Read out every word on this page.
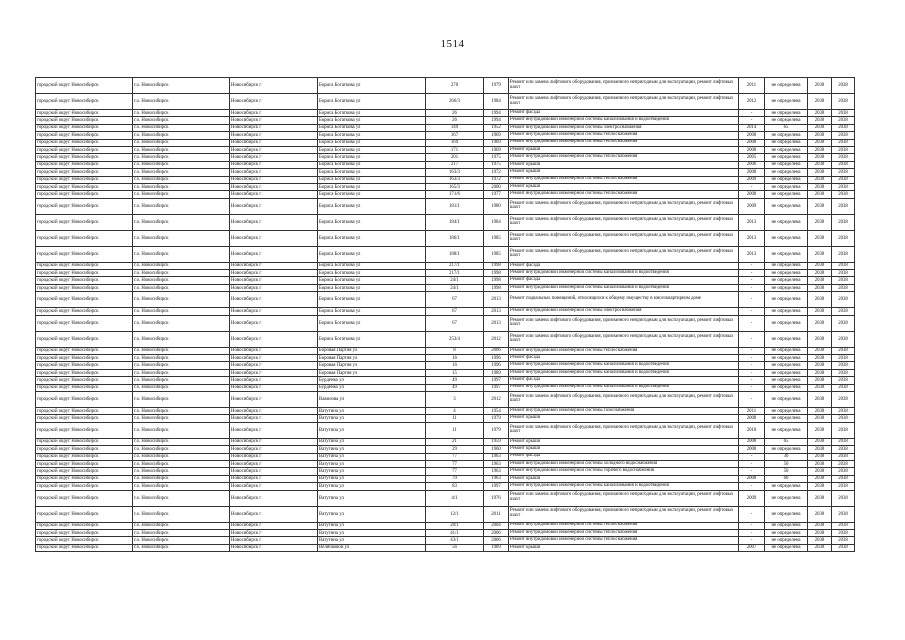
1514
городской округ Новосибирск	г.о. Новосибирск	Новосибирск г	Бориса Богаткова ул	270	1979	Ремонт или замена лифтового оборудования, признанного непригодным для эксплуатации, ремонт лифтовых шахт	2011	не определена	2038	2038
городской округ Новосибирск	г.о. Новосибирск	Новосибирск г	Бориса Богаткова ул	266/3	1984	Ремонт или замена лифтового оборудования, признанного непригодным для эксплуатации, ремонт лифтовых шахт	2012	не определена	2038	2038
городской округ Новосибирск	г.о. Новосибирск	Новосибирск г	Бориса Богаткова ул	26	1994	Ремонт фасада	-	не определена	2038	2038
городской округ Новосибирск	г.о. Новосибирск	Новосибирск г	Бориса Богаткова ул	26	1994	Ремонт внутридомовой инженерной системы канализования и водоотведения	-	не определена	2038	2038
городской округ Новосибирск	г.о. Новосибирск	Новосибирск г	Бориса Богаткова ул	149	1952	Ремонт внутридомовой инженерной системы электроснабжения	2014	65	2038	2038
городской округ Новосибирск	г.о. Новосибирск	Новосибирск г	Бориса Богаткова ул	167	1969	Ремонт внутридомовой инженерной системы теплоснабжения	2008	не определена	2038	2038
городской округ Новосибирск	г.о. Новосибирск	Новосибирск г	Бориса Богаткова ул	169	1969	Ремонт внутридомовой инженерной системы теплоснабжения	2008	не определена	2038	2038
городской округ Новосибирск	г.о. Новосибирск	Новосибирск г	Бориса Богаткова ул	171	1969	Ремонт крыши	2008	не определена	2038	2038
городской округ Новосибирск	г.о. Новосибирск	Новосибирск г	Бориса Богаткова ул	201	1975	Ремонт внутридомовой инженерной системы теплоснабжения	2005	не определена	2038	2038
городской округ Новосибирск	г.о. Новосибирск	Новосибирск г	Бориса Богаткова ул	217	1975	Ремонт крыши	2006	не определена	2038	2038
городской округ Новосибирск	г.о. Новосибирск	Новосибирск г	Бориса Богаткова ул	163/3	1972	Ремонт крыши	2008	не определена	2038	2038
городской округ Новосибирск	г.о. Новосибирск	Новосибирск г	Бориса Богаткова ул	163/3	1972	Ремонт внутридомовой инженерной системы теплоснабжения	2009	не определена	2038	2038
городской округ Новосибирск	г.о. Новосибирск	Новосибирск г	Бориса Богаткова ул	165/3	2000	Ремонт крыши	-	не определена	2038	2038
городской округ Новосибирск	г.о. Новосибирск	Новосибирск г	Бориса Богаткова ул	171/6	1977	Ремонт внутридомовой инженерной системы теплоснабжения	2008	не определена	2038	2038
городской округ Новосибирск	г.о. Новосибирск	Новосибирск г	Бориса Богаткова ул	181/1	1980	Ремонт или замена лифтового оборудования, признанного непригодным для эксплуатации, ремонт лифтовых шахт	2009	не определена	2038	2038
городской округ Новосибирск	г.о. Новосибирск	Новосибирск г	Бориса Богаткова ул	184/1	1984	Ремонт или замена лифтового оборудования, признанного непригодным для эксплуатации, ремонт лифтовых шахт	2013	не определена	2038	2038
городской округ Новосибирск	г.о. Новосибирск	Новосибирск г	Бориса Богаткова ул	186/1	1985	Ремонт или замена лифтового оборудования, признанного непригодным для эксплуатации, ремонт лифтовых шахт	2013	не определена	2038	2038
городской округ Новосибирск	г.о. Новосибирск	Новосибирск г	Бориса Богаткова ул	188/1	1985	Ремонт или замена лифтового оборудования, признанного непригодным для эксплуатации, ремонт лифтовых шахт	2013	не определена	2038	2038
городской округ Новосибирск	г.о. Новосибирск	Новосибирск г	Бориса Богаткова ул	217/1	1998	Ремонт фасада	-	не определена	2038	2038
городской округ Новосибирск	г.о. Новосибирск	Новосибирск г	Бориса Богаткова ул	217/1	1998	Ремонт внутридомовой инженерной системы канализования и водоотведения	-	не определена	2038	2038
городской округ Новосибирск	г.о. Новосибирск	Новосибирск г	Бориса Богаткова ул	24/1	1998	Ремонт фасада	-	не определена	2038	2038
городской округ Новосибирск	г.о. Новосибирск	Новосибирск г	Бориса Богаткова ул	24/1	1998	Ремонт внутридомовой инженерной системы канализования и водоотведения	-	не определена	2038	2038
городской округ Новосибирск	г.о. Новосибирск	Новосибирск г	Бориса Богаткова ул	67	2013	Ремонт подвальных помещений, относящихся к общему имуществу в многоквартирном доме	-	не определена	2038	2038
городской округ Новосибирск	г.о. Новосибирск	Новосибирск г	Бориса Богаткова ул	67	2013	Ремонт внутридомовой инженерной системы электроснабжения	-	не определена	2038	2038
городской округ Новосибирск	г.о. Новосибирск	Новосибирск г	Бориса Богаткова ул	67	2013	Ремонт или замена лифтового оборудования, признанного непригодным для эксплуатации, ремонт лифтовых шахт	-	не определена	2038	2038
городской округ Новосибирск	г.о. Новосибирск	Новосибирск г	Бориса Богаткова ул	253/4	2012	Ремонт или замена лифтового оборудования, признанного непригодным для эксплуатации, ремонт лифтовых шахт	-	не определена	2038	2038
городской округ Новосибирск	г.о. Новосибирск	Новосибирск г	Боровая Партия ул	8	2006	Ремонт внутридомовой инженерной системы теплоснабжения	-	не определена	2038	2038
городской округ Новосибирск	г.о. Новосибирск	Новосибирск г	Боровая Партия ул	16	1996	Ремонт фасада	-	не определена	2038	2038
городской округ Новосибирск	г.о. Новосибирск	Новосибирск г	Боровая Партия ул	16	1996	Ремонт внутридомовой инженерной системы канализования и водоотведения	-	не определена	2038	2038
городской округ Новосибирск	г.о. Новосибирск	Новосибирск г	Боровая Партия ул	15	1989	Ремонт внутридомовой инженерной системы канализования и водоотведения	-	не определена	2038	2038
городской округ Новосибирск	г.о. Новосибирск	Новосибирск г	Бурденко ул	49	1997	Ремонт фасада	-	не определена	2038	2038
городской округ Новосибирск	г.о. Новосибирск	Новосибирск г	Бурденко ул	49	1997	Ремонт внутридомовой инженерной системы канализования и водоотведения	-	не определена	2038	2038
городской округ Новосибирск	г.о. Новосибирск	Новосибирск г	Вавилова ул	3	2012	Ремонт или замена лифтового оборудования, признанного непригодным для эксплуатации, ремонт лифтовых шахт	-	не определена	2038	2038
городской округ Новосибирск	г.о. Новосибирск	Новосибирск г	Ватутина ул	4	1954	Ремонт внутридомовой инженерной системы газоснабжения	2011	не определена	2038	2038
городской округ Новосибирск	г.о. Новосибирск	Новосибирск г	Ватутина ул	11	1979	Ремонт крыши	2008	не определена	2038	2038
городской округ Новосибирск	г.о. Новосибирск	Новосибирск г	Ватутина ул	11	1979	Ремонт или замена лифтового оборудования, признанного непригодным для эксплуатации, ремонт лифтовых шахт	2010	не определена	2038	2038
городской округ Новосибирск	г.о. Новосибирск	Новосибирск г	Ватутина ул	21	1959	Ремонт крыши	2008	65	2038	2038
городской округ Новосибирск	г.о. Новосибирск	Новосибирск г	Ватутина ул	29	1960	Ремонт крыши	2008	не определена	2038	2038
городской округ Новосибирск	г.о. Новосибирск	Новосибирск г	Ватутина ул	77	1963	Ремонт фасада	-	30	2038	2038
городской округ Новосибирск	г.о. Новосибирск	Новосибирск г	Ватутина ул	77	1963	Ремонт внутридомовой инженерной системы холодного водоснабжения	-	50	2038	2038
городской округ Новосибирск	г.о. Новосибирск	Новосибирск г	Ватутина ул	77	1963	Ремонт внутридомовой инженерной системы горячего водоснабжения	-	50	2038	2038
городской округ Новосибирск	г.о. Новосибирск	Новосибирск г	Ватутина ул	79	1963	Ремонт крыши	2008	60	2038	2038
городской округ Новосибирск	г.о. Новосибирск	Новосибирск г	Ватутина ул	83	1997	Ремонт внутридомовой инженерной системы канализования и водоотведения	-	не определена	2038	2038
городской округ Новосибирск	г.о. Новосибирск	Новосибирск г	Ватутина ул	4/1	1976	Ремонт или замена лифтового оборудования, признанного непригодным для эксплуатации, ремонт лифтовых шахт	2009	не определена	2038	2038
городской округ Новосибирск	г.о. Новосибирск	Новосибирск г	Ватутина ул	12/1	2011	Ремонт или замена лифтового оборудования, признанного непригодным для эксплуатации, ремонт лифтовых шахт	-	не определена	2038	2038
городской округ Новосибирск	г.о. Новосибирск	Новосибирск г	Ватутина ул	20/1	2004	Ремонт внутридомовой инженерной системы теплоснабжения	-	не определена	2038	2038
городской округ Новосибирск	г.о. Новосибирск	Новосибирск г	Ватутина ул	41/1	2006	Ремонт внутридомовой инженерной системы теплоснабжения	-	не определена	2038	2038
городской округ Новосибирск	г.о. Новосибирск	Новосибирск г	Ватутина ул	43/1	2006	Ремонт внутридомовой инженерной системы теплоснабжения	-	не определена	2038	2038
городской округ Новосибирск	г.о. Новосибирск	Новосибирск г	Величковой ул	56	1989	Ремонт крыши	2007	не определена	2038	2038
